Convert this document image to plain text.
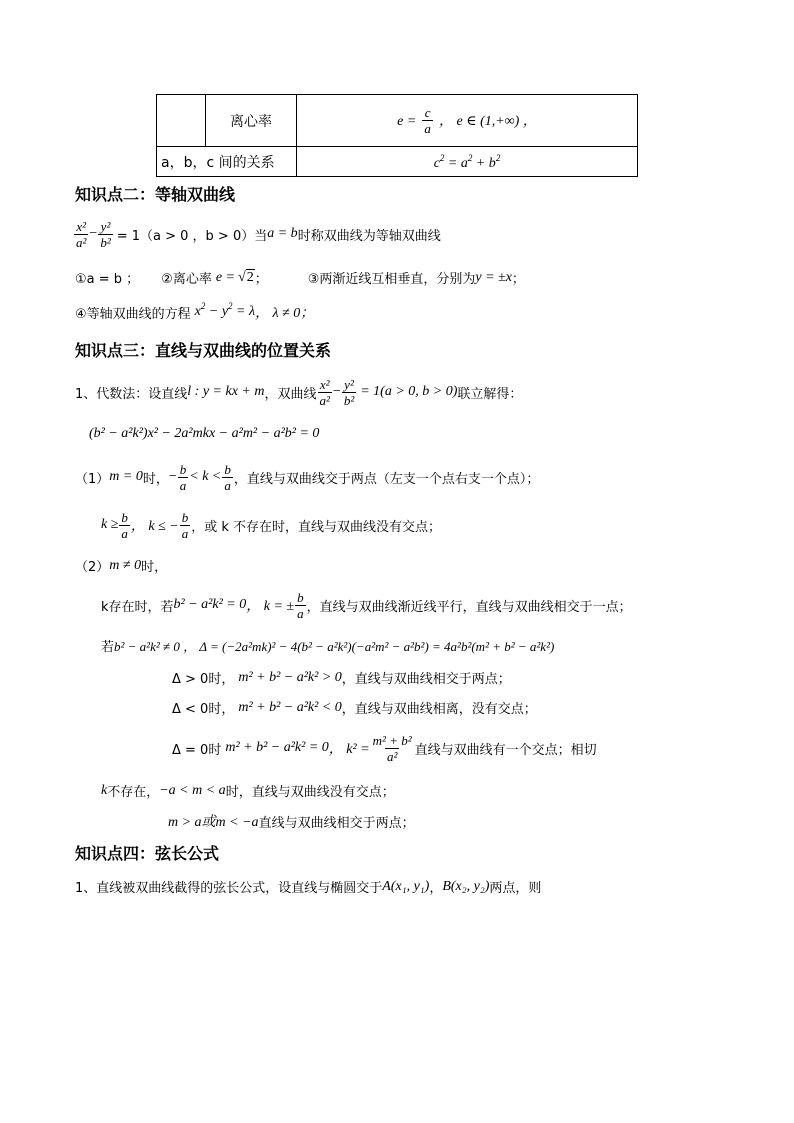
	离心率	$e = \frac{c}{a}$ ， e ∈ (1,+∞) ，
a，b，c 间的关系		$c^2 = a^2 + b^2$
知识点二：等轴双曲线
$\frac{\text{x²}}{\text{a²}} - \frac{\text{y²}}{\text{b²}} = 1(a > 0$ ，b > 0）当 a = b 时称双曲线为等轴双曲线
①a = b ； ②离心率 e = √2 ；	③两渐近线互相垂直，分别为 y = ±x ；
④等轴双曲线的方程 $x^2 - y^2 = \lambda$ ， λ ≠ 0；
知识点三：直线与双曲线的位置关系
1、代数法：设直线 l : y = kx + m ，双曲线 $\frac{\text{x²}}{\text{a²}} - \frac{\text{y²}}{\text{b²}} = 1(a > 0$, b > 0) 联立解得：
(b² − a²k²)x² − 2a²mkx − a²m² − a²b² = 0
（1） m = 0 时， − $\frac{b}{a} < k < \frac{b}{a}$ ，直线与双曲线交于两点（左支一个点右支一个点）；
$k \ge \frac{b}{a}$ ， k ≤ − $\frac{b}{a}$ ，或 k 不存在时，直线与双曲线没有交点；
（2） m ≠ 0 时，
k存在时，若 b² − a²k² = 0 ， k = ± $\frac{b}{a}$ ，直线与双曲线渐近线平行，直线与双曲线相交于一点；
若 b² − a²k² ≠ 0 ， Δ = (−2a²mk)² − 4(b² − a²k²)(−a²m² − a²b²) = 4a²b²(m² + b² − a²k²)
Δ > 0时， m² + b² − a²k² > 0 ，直线与双曲线相交于两点；
Δ < 0时， m² + b² − a²k² < 0 ，直线与双曲线相离，没有交点；
Δ = 0时 m² + b² − a²k² = 0 ， $k^2 = \frac{\text{m² + b²}}{\text{a²}}$ 直线与双曲线有一个交点；相切
k 不存在， −a < m < a 时，直线与双曲线没有交点；
m > a或m < −a 直线与双曲线相交于两点；
知识点四：弦长公式
1、直线被双曲线截得的弦长公式，设直线与椭圆交于 A(x₁, y₁) ， B(x₂, y₂) 两点，则
